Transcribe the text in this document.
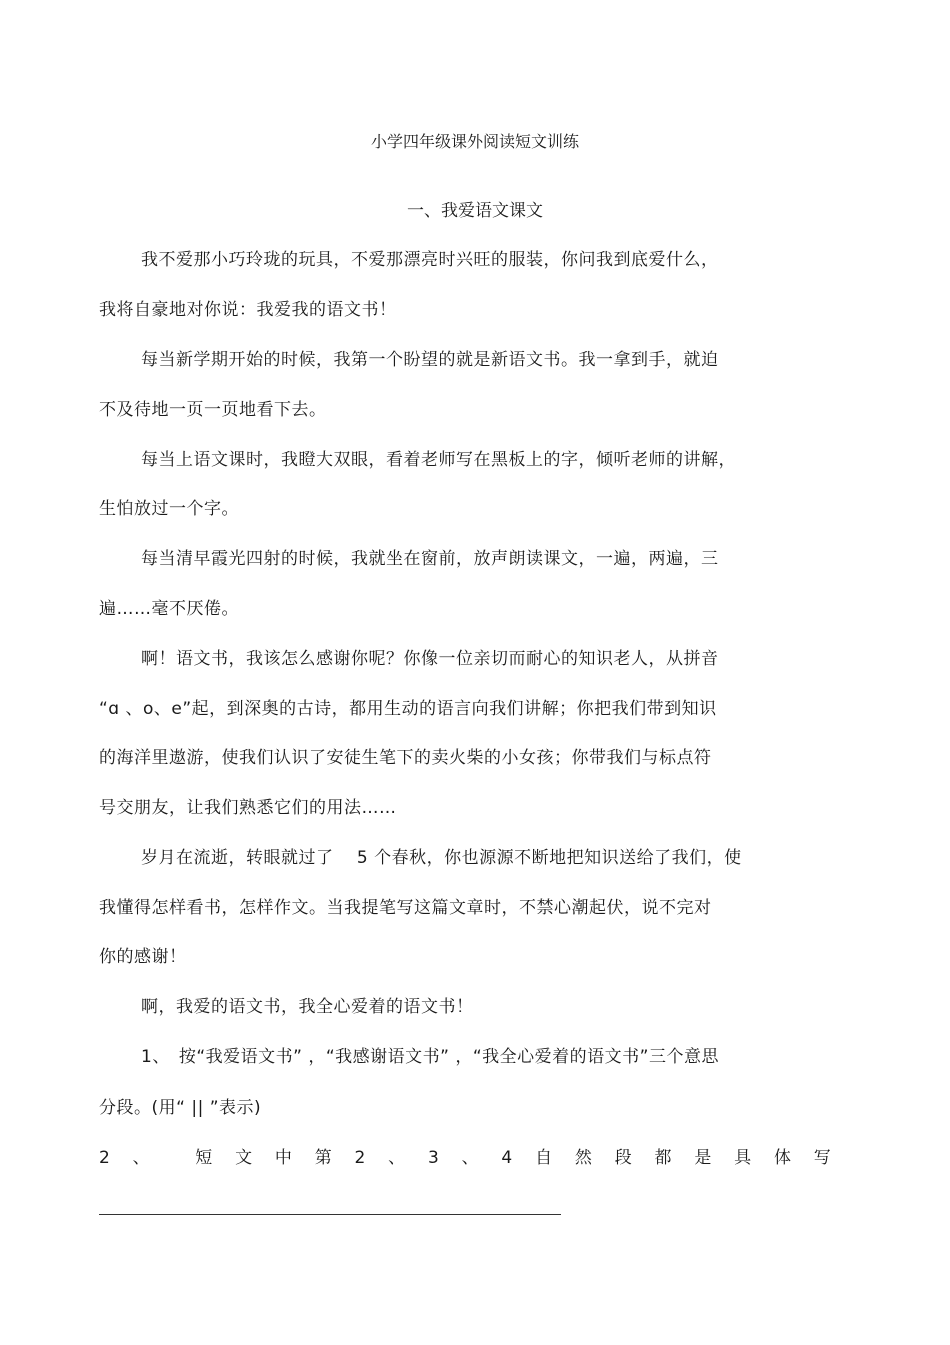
小学四年级课外阅读短文训练
一、我爱语文课文
我不爱那小巧玲珑的玩具，不爱那漂亮时兴旺的服装，你问我到底爱什么，
我将自豪地对你说：我爱我的语文书！
每当新学期开始的时候，我第一个盼望的就是新语文书。我一拿到手，就迫
不及待地一页一页地看下去。
每当上语文课时，我瞪大双眼，看着老师写在黑板上的字，倾听老师的讲解，
生怕放过一个字。
每当清早霞光四射的时候，我就坐在窗前，放声朗读课文，一遍，两遍，三
遍……毫不厌倦。
啊！语文书，我该怎么感谢你呢？你像一位亲切而耐心的知识老人，从拼音
“ɑ 、o、e”起，到深奥的古诗，都用生动的语言向我们讲解；你把我们带到知识
的海洋里遨游，使我们认识了安徒生笔下的卖火柴的小女孩；你带我们与标点符
号交朋友，让我们熟悉它们的用法……
岁月在流逝，转眼就过了　 5 个春秋，你也源源不断地把知识送给了我们，使
我懂得怎样看书，怎样作文。当我提笔写这篇文章时，不禁心潮起伏，说不完对
你的感谢！
啊，我爱的语文书，我全心爱着的语文书！
1、　按“我爱语文书” ，“我感谢语文书” ，“我全心爱着的语文书”三个意思
分段。(用“ || ”表示)
2 、	短 文 中 第 2 、 3 、 4 自 然 段 都 是 具 体 写
